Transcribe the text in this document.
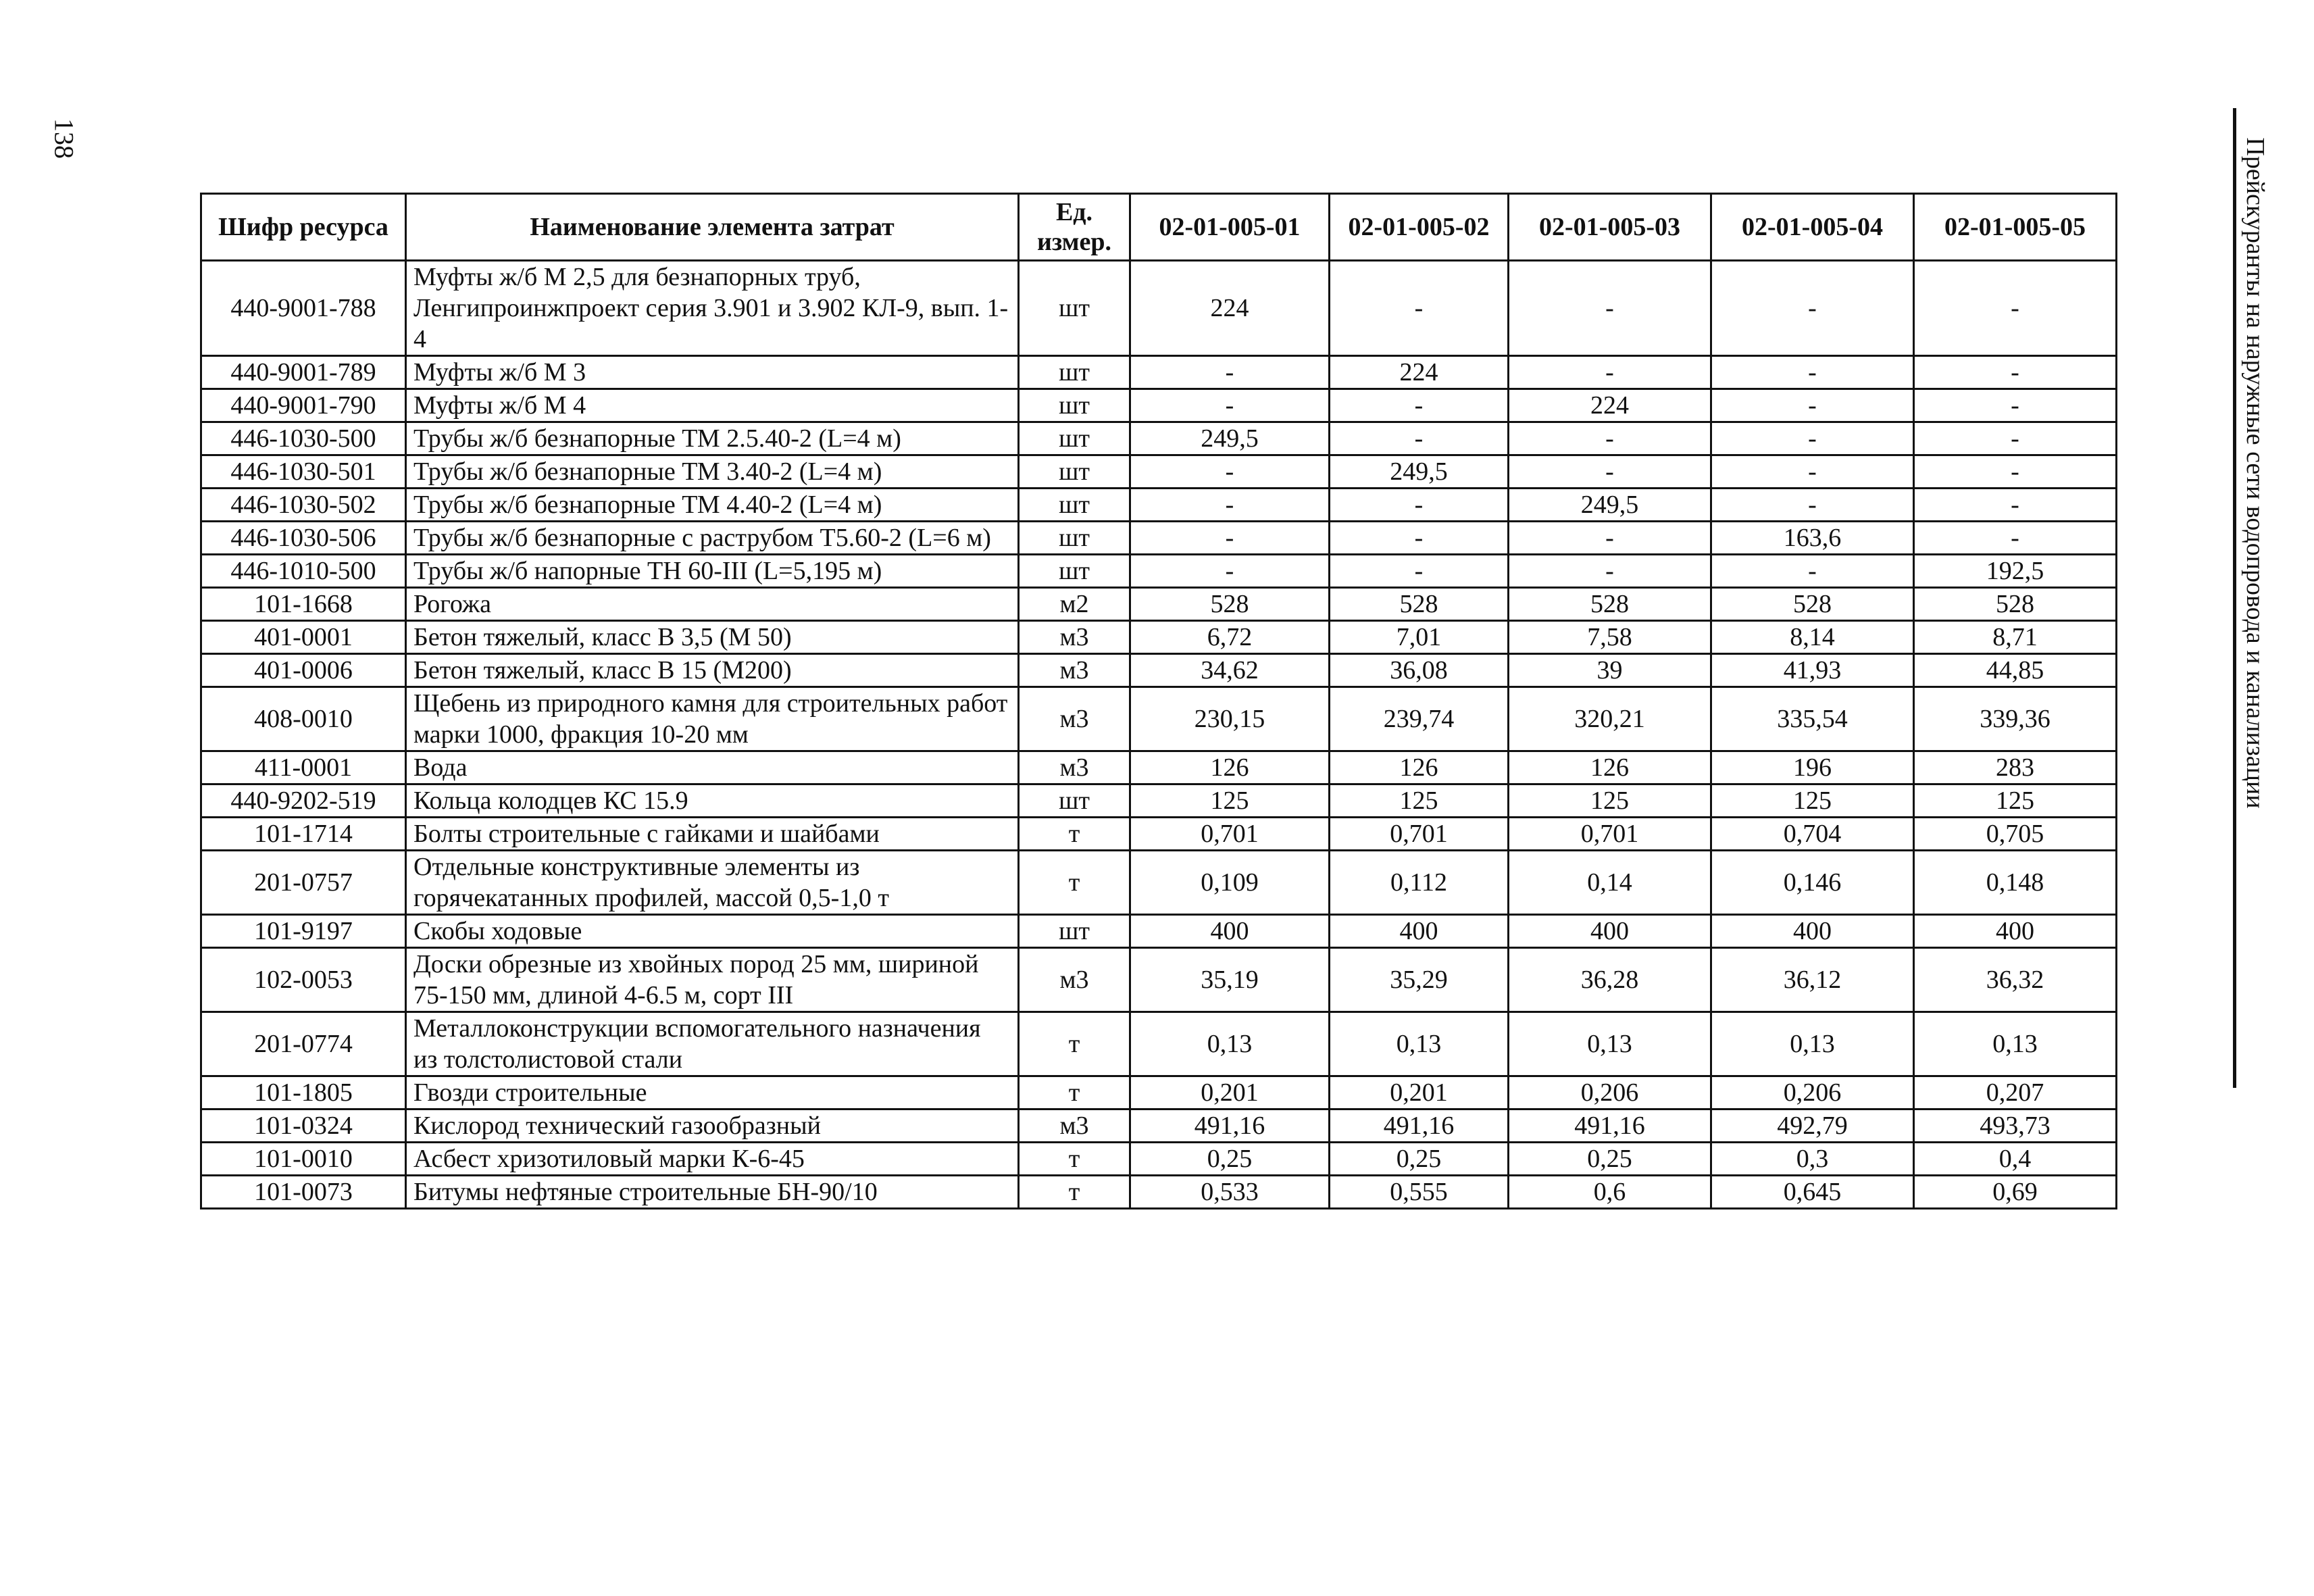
138	Прейскуранты на наружные сети водопровода и канализации
Шифр ресурса	Наименование элемента затрат	Ед. измер.	02-01-005-01	02-01-005-02	02-01-005-03	02-01-005-04	02-01-005-05
440-9001-788	Муфты ж/б М 2,5 для безнапорных труб, Ленгипроинжпроект серия 3.901 и 3.902 КЛ-9, вып. 1-4	шт	224	-	-	-	-
440-9001-789	Муфты ж/б М 3	шт	-	224	-	-	-
440-9001-790	Муфты ж/б М 4	шт	-	-	224	-	-
446-1030-500	Трубы ж/б безнапорные ТМ 2.5.40-2 (L=4 м)	шт	249,5	-	-	-	-
446-1030-501	Трубы ж/б безнапорные ТМ 3.40-2 (L=4 м)	шт	-	249,5	-	-	-
446-1030-502	Трубы ж/б безнапорные ТМ 4.40-2 (L=4 м)	шт	-	-	249,5	-	-
446-1030-506	Трубы ж/б безнапорные с раструбом Т5.60-2 (L=6 м)	шт	-	-	-	163,6	-
446-1010-500	Трубы ж/б напорные ТН 60-III (L=5,195 м)	шт	-	-	-	-	192,5
101-1668	Рогожа	м2	528	528	528	528	528
401-0001	Бетон тяжелый, класс В 3,5 (М 50)	м3	6,72	7,01	7,58	8,14	8,71
401-0006	Бетон тяжелый, класс В 15 (М200)	м3	34,62	36,08	39	41,93	44,85
408-0010	Щебень из природного камня для строительных работ марки 1000, фракция 10-20 мм	м3	230,15	239,74	320,21	335,54	339,36
411-0001	Вода	м3	126	126	126	196	283
440-9202-519	Кольца колодцев КС 15.9	шт	125	125	125	125	125
101-1714	Болты строительные с гайками и шайбами	т	0,701	0,701	0,701	0,704	0,705
201-0757	Отдельные конструктивные элементы из горячекатанных профилей, массой 0,5-1,0 т	т	0,109	0,112	0,14	0,146	0,148
101-9197	Скобы ходовые	шт	400	400	400	400	400
102-0053	Доски обрезные из хвойных пород 25 мм, шириной 75-150 мм, длиной 4-6.5 м, сорт III	м3	35,19	35,29	36,28	36,12	36,32
201-0774	Металлоконструкции вспомогательного назначения из толстолистовой стали	т	0,13	0,13	0,13	0,13	0,13
101-1805	Гвозди строительные	т	0,201	0,201	0,206	0,206	0,207
101-0324	Кислород технический газообразный	м3	491,16	491,16	491,16	492,79	493,73
101-0010	Асбест хризотиловый марки К-6-45	т	0,25	0,25	0,25	0,3	0,4
101-0073	Битумы нефтяные строительные БН-90/10	т	0,533	0,555	0,6	0,645	0,69
